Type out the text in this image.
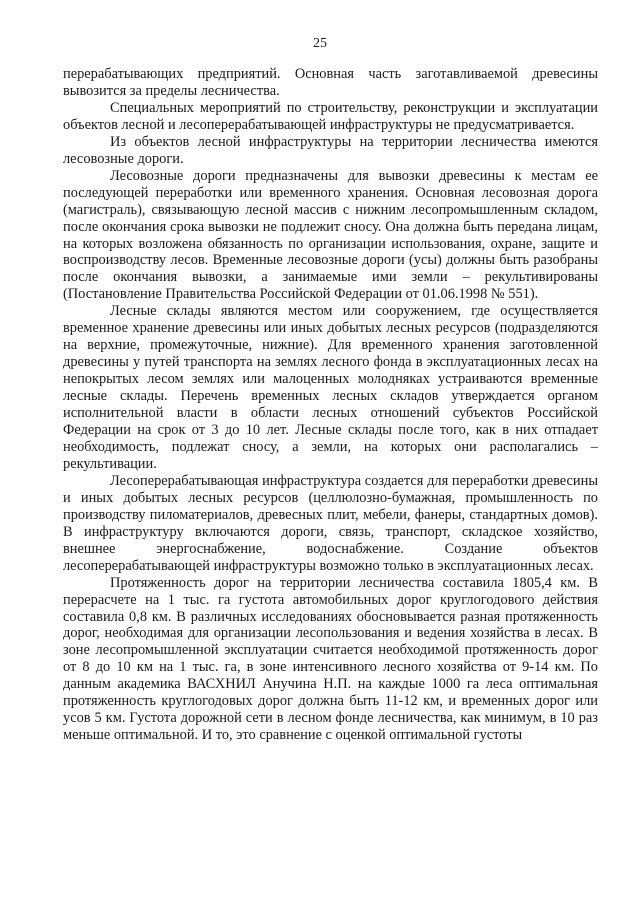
25

перерабатывающих предприятий. Основная часть заготавливаемой древесины вывозится за пределы лесничества.

Специальных мероприятий по строительству, реконструкции и эксплуатации объектов лесной и лесоперерабатывающей инфраструктуры не предусматривается.

Из объектов лесной инфраструктуры на территории лесничества имеются лесовозные дороги.

Лесовозные дороги предназначены для вывозки древесины к местам ее последующей переработки или временного хранения. Основная лесовозная дорога (магистраль), связывающую лесной массив с нижним лесопромышленным складом, после окончания срока вывозки не подлежит сносу. Она должна быть передана лицам, на которых возложена обязанность по организации использования, охране, защите и воспроизводству лесов. Временные лесовозные дороги (усы) должны быть разобраны после окончания вывозки, а занимаемые ими земли – рекультивированы (Постановление Правительства Российской Федерации от 01.06.1998 № 551).

Лесные склады являются местом или сооружением, где осуществляется временное хранение древесины или иных добытых лесных ресурсов (подразделяются на верхние, промежуточные, нижние). Для временного хранения заготовленной древесины у путей транспорта на землях лесного фонда в эксплуатационных лесах на непокрытых лесом землях или малоценных молодняках устраиваются временные лесные склады. Перечень временных лесных складов утверждается органом исполнительной власти в области лесных отношений субъектов Российской Федерации на срок от 3 до 10 лет. Лесные склады после того, как в них отпадает необходимость, подлежат сносу, а земли, на которых они располагались – рекультивации.

Лесоперерабатывающая инфраструктура создается для переработки древесины и иных добытых лесных ресурсов (целлюлозно-бумажная, промышленность по производству пиломатериалов, древесных плит, мебели, фанеры, стандартных домов). В инфраструктуру включаются дороги, связь, транспорт, складское хозяйство, внешнее энергоснабжение, водоснабжение. Создание объектов лесоперерабатывающей инфраструктуры возможно только в эксплуатационных лесах.

Протяженность дорог на территории лесничества составила 1805,4 км. В перерасчете на 1 тыс. га густота автомобильных дорог круглогодового действия составила 0,8 км. В различных исследованиях обосновывается разная протяженность дорог, необходимая для организации лесопользования и ведения хозяйства в лесах. В зоне лесопромышленной эксплуатации считается необходимой протяженность дорог от 8 до 10 км на 1 тыс. га, в зоне интенсивного лесного хозяйства от 9-14 км. По данным академика ВАСХНИЛ Анучина Н.П. на каждые 1000 га леса оптимальная протяженность круглогодовых дорог должна быть 11-12 км, и временных дорог или усов 5 км. Густота дорожной сети в лесном фонде лесничества, как минимум, в 10 раз меньше оптимальной. И то, это сравнение с оценкой оптимальной густоты
